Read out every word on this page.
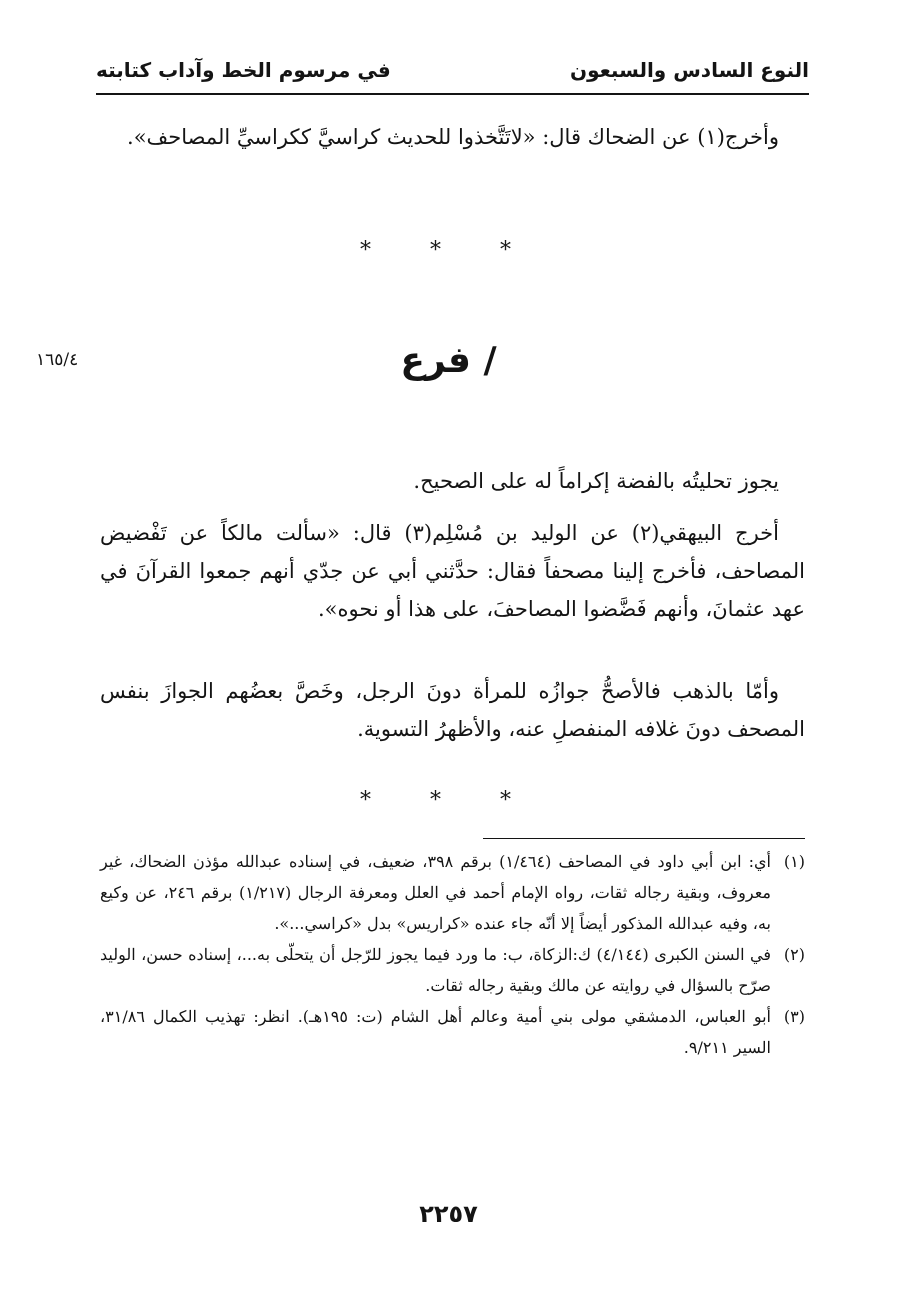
النوع السادس والسبعون
في مرسوم الخط وآداب كتابته

وأخرج(١) عن الضحاك قال: «لاتَتَّخذوا للحديث كراسيَّ ككراسيِّ المصاحف».

* * *
١٦٥/٤	/ فرع

يجوز تحليتُه بالفضة إكراماً له على الصحيح.

أخرج البيهقي(٢) عن الوليد بن مُسْلِم(٣) قال: «سألت مالكاً عن تَفْضيض المصاحف، فأخرج إلينا مصحفاً فقال: حدَّثني أبي عن جدّي أنهم جمعوا القرآنَ في عهد عثمانَ، وأنهم فَضَّضوا المصاحفَ، على هذا أو نحوه».

وأمّا بالذهب فالأصحُّ جوازُه للمرأة دونَ الرجل، وخَصَّ بعضُهم الجوازَ بنفس المصحف دونَ غلافه المنفصلِ عنه، والأظهرُ التسوية.

* * *

(١)
أي: ابن أبي داود في المصاحف (١/٤٦٤) برقم ٣٩٨، ضعيف، في إسناده عبدالله مؤذن الضحاك، غير معروف، وبقية رجاله ثقات، رواه الإمام أحمد في العلل ومعرفة الرجال (١/٢١٧) برقم ٢٤٦، عن وكيع به، وفيه عبدالله المذكور أيضاً إلا أنّه جاء عنده «كراريس» بدل «كراسي...».

(٢)
في السنن الكبرى (٤/١٤٤) ك:الزكاة، ب: ما ورد فيما يجوز للرّجل أن يتحلّى به...، إسناده حسن، الوليد صرّح بالسؤال في روايته عن مالك وبقية رجاله ثقات.

(٣)
أبو العباس، الدمشقي مولى بني أمية وعالم أهل الشام (ت: ١٩٥هـ). انظر: تهذيب الكمال ٣١/٨٦، السير ٩/٢١١.

٢٢٥٧
